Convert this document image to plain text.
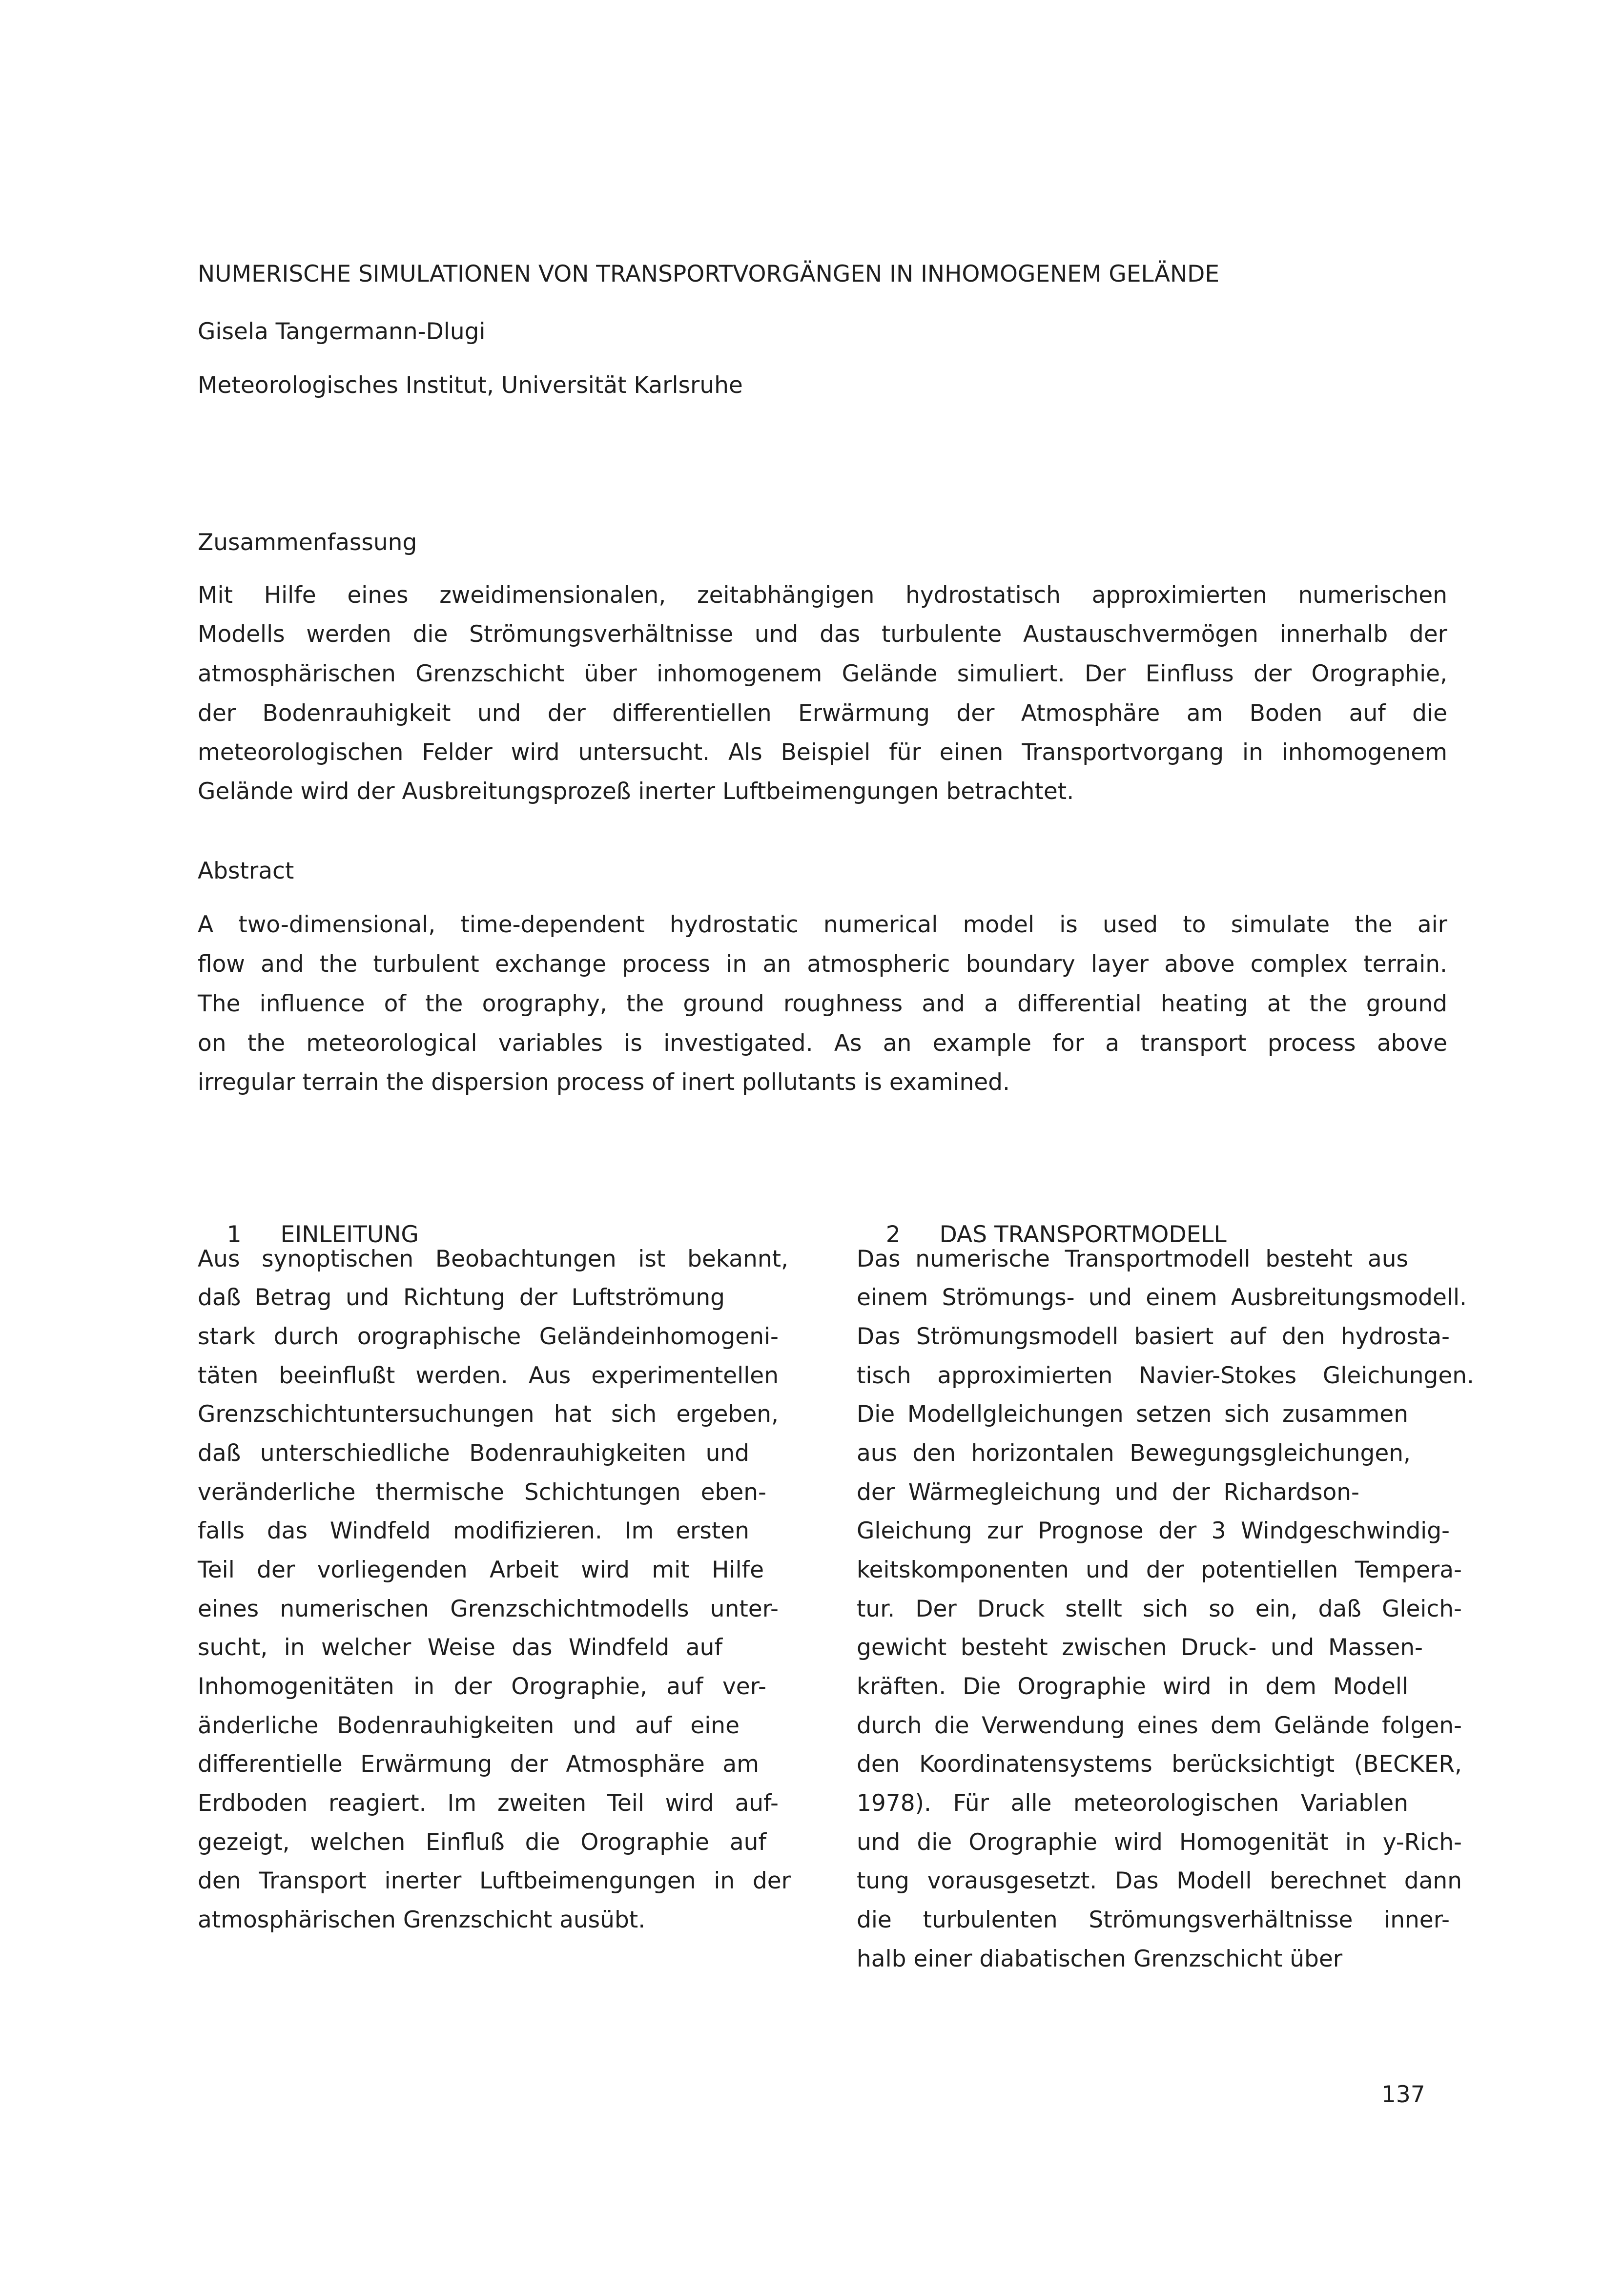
NUMERISCHE SIMULATIONEN VON TRANSPORTVORGÄNGEN IN INHOMOGENEM GELÄNDE
Gisela Tangermann-Dlugi
Meteorologisches Institut, Universität Karlsruhe
Zusammenfassung
Mit Hilfe eines zweidimensionalen, zeitabhängigen hydrostatisch approximierten numerischen
Modells werden die Strömungsverhältnisse und das turbulente Austauschvermögen innerhalb der
atmosphärischen Grenzschicht über inhomogenem Gelände simuliert. Der Einfluss der Orographie,
der Bodenrauhigkeit und der differentiellen Erwärmung der Atmosphäre am Boden auf die
meteorologischen Felder wird untersucht. Als Beispiel für einen Transportvorgang in inhomogenem
Gelände wird der Ausbreitungsprozeß inerter Luftbeimengungen betrachtet.
Abstract
A two-dimensional, time-dependent hydrostatic numerical model is used to simulate the air
flow and the turbulent exchange process in an atmospheric boundary layer above complex terrain.
The influence of the orography, the ground roughness and a differential heating at the ground
on the meteorological variables is investigated. As an example for a transport process above
irregular terrain the dispersion process of inert pollutants is examined.

1 EINLEITUNG

Aus synoptischen Beobachtungen ist bekannt,
daß Betrag und Richtung der Luftströmung
stark durch orographische Geländeinhomogeni-
täten beeinflußt werden. Aus experimentellen
Grenzschichtuntersuchungen hat sich ergeben,
daß unterschiedliche Bodenrauhigkeiten und
veränderliche thermische Schichtungen eben-
falls das Windfeld modifizieren. Im ersten
Teil der vorliegenden Arbeit wird mit Hilfe
eines numerischen Grenzschichtmodells unter-
sucht, in welcher Weise das Windfeld auf
Inhomogenitäten in der Orographie, auf ver-
änderliche Bodenrauhigkeiten und auf eine
differentielle Erwärmung der Atmosphäre am
Erdboden reagiert. Im zweiten Teil wird auf-
gezeigt, welchen Einfluß die Orographie auf
den Transport inerter Luftbeimengungen in der
atmosphärischen Grenzschicht ausübt.

2 DAS TRANSPORTMODELL

Das numerische Transportmodell besteht aus
einem Strömungs- und einem Ausbreitungsmodell.
Das Strömungsmodell basiert auf den hydrosta-
tisch approximierten Navier-Stokes Gleichungen.
Die Modellgleichungen setzen sich zusammen
aus den horizontalen Bewegungsgleichungen,
der Wärmegleichung und der Richardson-
Gleichung zur Prognose der 3 Windgeschwindig-
keitskomponenten und der potentiellen Tempera-
tur. Der Druck stellt sich so ein, daß Gleich-
gewicht besteht zwischen Druck- und Massen-
kräften. Die Orographie wird in dem Modell
durch die Verwendung eines dem Gelände folgen-
den Koordinatensystems berücksichtigt (BECKER,
1978). Für alle meteorologischen Variablen
und die Orographie wird Homogenität in y-Rich-
tung vorausgesetzt. Das Modell berechnet dann
die turbulenten Strömungsverhältnisse inner-
halb einer diabatischen Grenzschicht über
137
